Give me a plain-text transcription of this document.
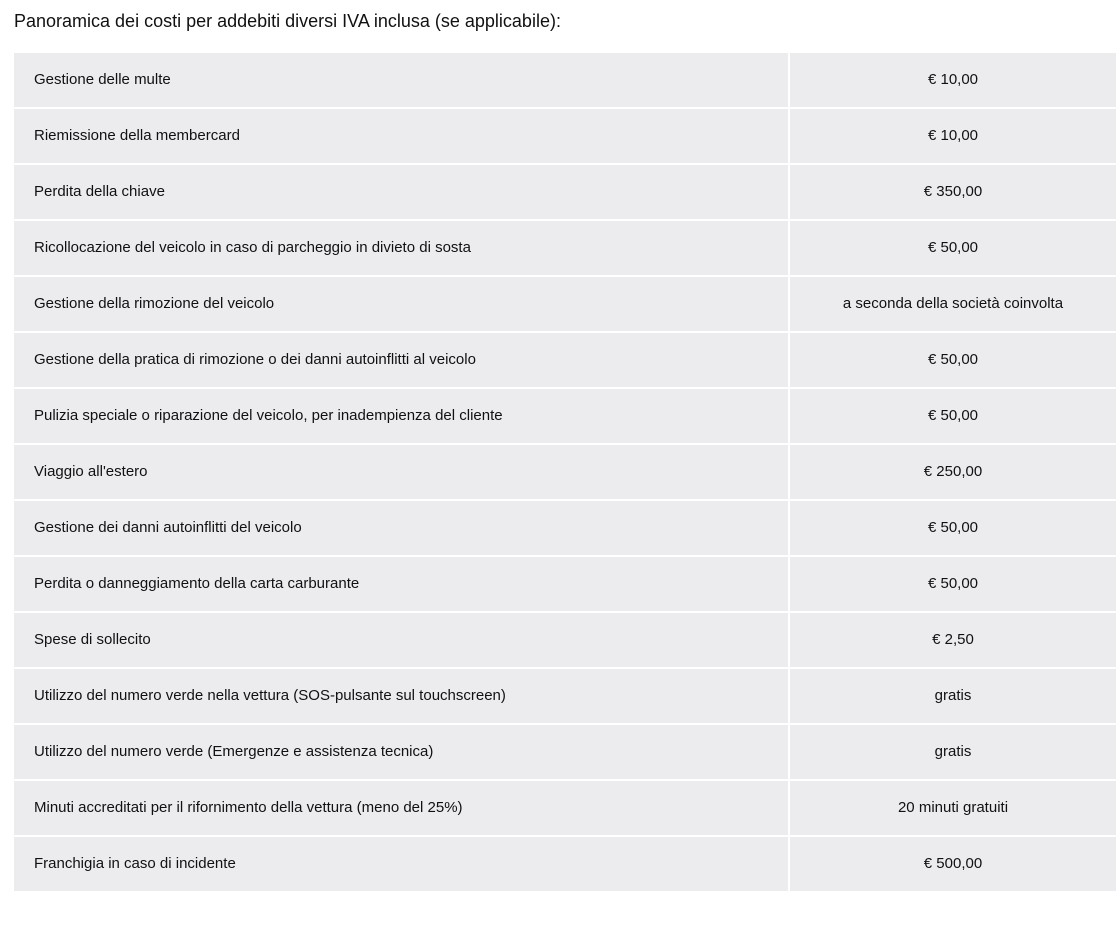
Panoramica dei costi per addebiti diversi IVA inclusa (se applicabile):
Gestione delle multe	€ 10,00
Riemissione della membercard	€ 10,00
Perdita della chiave	€ 350,00
Ricollocazione del veicolo in caso di parcheggio in divieto di sosta	€ 50,00
Gestione della rimozione del veicolo	a seconda della società coinvolta
Gestione della pratica di rimozione o dei danni autoinflitti al veicolo	€ 50,00
Pulizia speciale o riparazione del veicolo, per inadempienza del cliente	€ 50,00
Viaggio all'estero	€ 250,00
Gestione dei danni autoinflitti del veicolo	€ 50,00
Perdita o danneggiamento della carta carburante	€ 50,00
Spese di sollecito	€ 2,50
Utilizzo del numero verde nella vettura (SOS-pulsante sul touchscreen)	gratis
Utilizzo del numero verde (Emergenze e assistenza tecnica)	gratis
Minuti accreditati per il rifornimento della vettura (meno del 25%)	20 minuti gratuiti
Franchigia in caso di incidente	€ 500,00
